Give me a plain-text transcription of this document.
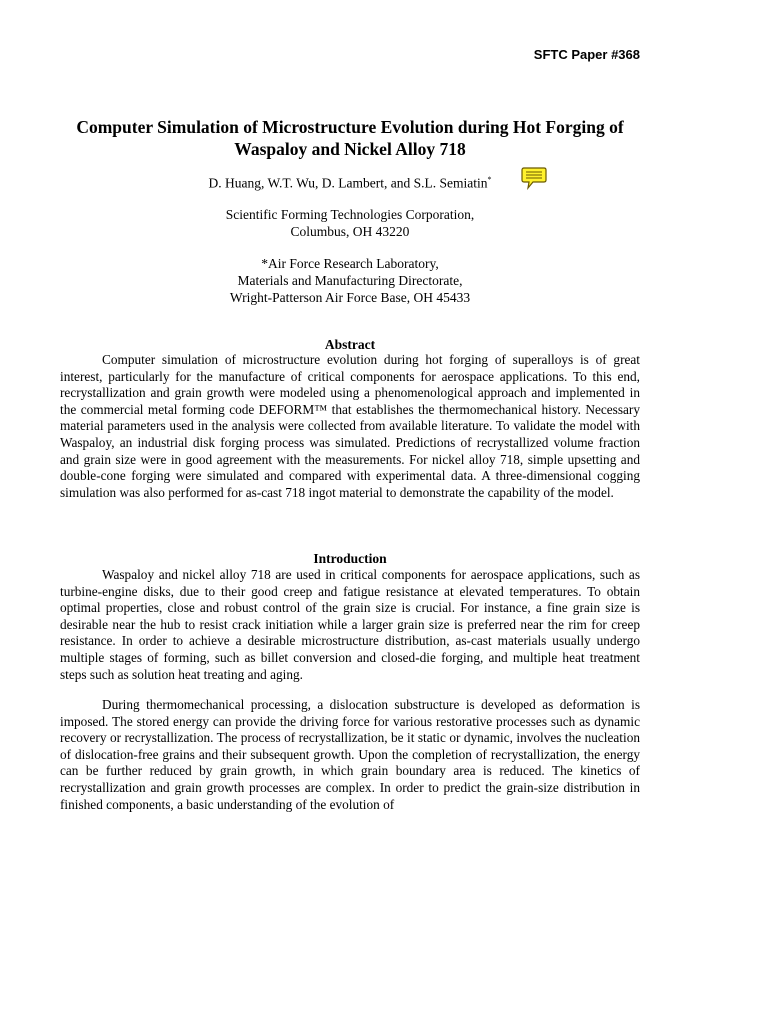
SFTC Paper #368
Computer Simulation of Microstructure Evolution during Hot Forging of Waspaloy and Nickel Alloy 718
D. Huang, W.T. Wu, D. Lambert, and S.L. Semiatin*
Scientific Forming Technologies Corporation,
Columbus, OH 43220
*Air Force Research Laboratory,
Materials and Manufacturing Directorate,
Wright-Patterson Air Force Base, OH 45433
Abstract

Computer simulation of microstructure evolution during hot forging of superalloys is of great interest, particularly for the manufacture of critical components for aerospace applications. To this end, recrystallization and grain growth were modeled using a phenomenological approach and implemented in the commercial metal forming code DEFORM™ that establishes the thermomechanical history. Necessary material parameters used in the analysis were collected from available literature. To validate the model with Waspaloy, an industrial disk forging process was simulated. Predictions of recrystallized volume fraction and grain size were in good agreement with the measurements. For nickel alloy 718, simple upsetting and double-cone forging were simulated and compared with experimental data. A three-dimensional cogging simulation was also performed for as-cast 718 ingot material to demonstrate the capability of the model.

Introduction

Waspaloy and nickel alloy 718 are used in critical components for aerospace applications, such as turbine-engine disks, due to their good creep and fatigue resistance at elevated temperatures. To obtain optimal properties, close and robust control of the grain size is crucial. For instance, a fine grain size is desirable near the hub to resist crack initiation while a larger grain size is preferred near the rim for creep resistance. In order to achieve a desirable microstructure distribution, as-cast materials usually undergo multiple stages of forming, such as billet conversion and closed-die forging, and multiple heat treatment steps such as solution heat treating and aging.

During thermomechanical processing, a dislocation substructure is developed as deformation is imposed. The stored energy can provide the driving force for various restorative processes such as dynamic recovery or recrystallization. The process of recrystallization, be it static or dynamic, involves the nucleation of dislocation-free grains and their subsequent growth. Upon the completion of recrystallization, the energy can be further reduced by grain growth, in which grain boundary area is reduced. The kinetics of recrystallization and grain growth processes are complex. In order to predict the grain-size distribution in finished components, a basic understanding of the evolution of
